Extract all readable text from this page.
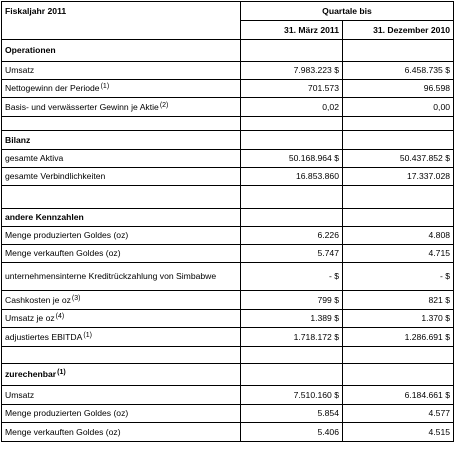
Fiskaljahr 2011	Quartale bis	
	31. März 2011	31. Dezember 2010
Operationen		
Umsatz	7.983.223 $	6.458.735 $
Nettogewinn der Periode$^{(1)}$	701.573	96.598
Basis- und verwässerter Gewinn je Aktie$^{(2)}$	0,02	0,00

Bilanz		
gesamte Aktiva	50.168.964 $	50.437.852 $
gesamte Verbindlichkeiten	16.853.860	17.337.028

andere Kennzahlen		
Menge produzierten Goldes (oz)	6.226	4.808
Menge verkauften Goldes (oz)	5.747	4.715
unternehmensinterne Kreditrückzahlung von Simbabwe	- $	- $
Cashkosten je $oz^{(3)}$	799 $	821 $
Umsatz je $oz^{(4)}$	1.389 $	1.370 $
adjustiertes EBITDA$^{(1)}$	1.718.172 $	1.286.691 $

zurechenbar$^{(1)}$		
Umsatz	7.510.160 $	6.184.661 $
Menge produzierten Goldes (oz)	5.854	4.577
Menge verkauften Goldes (oz)	5.406	4.515
